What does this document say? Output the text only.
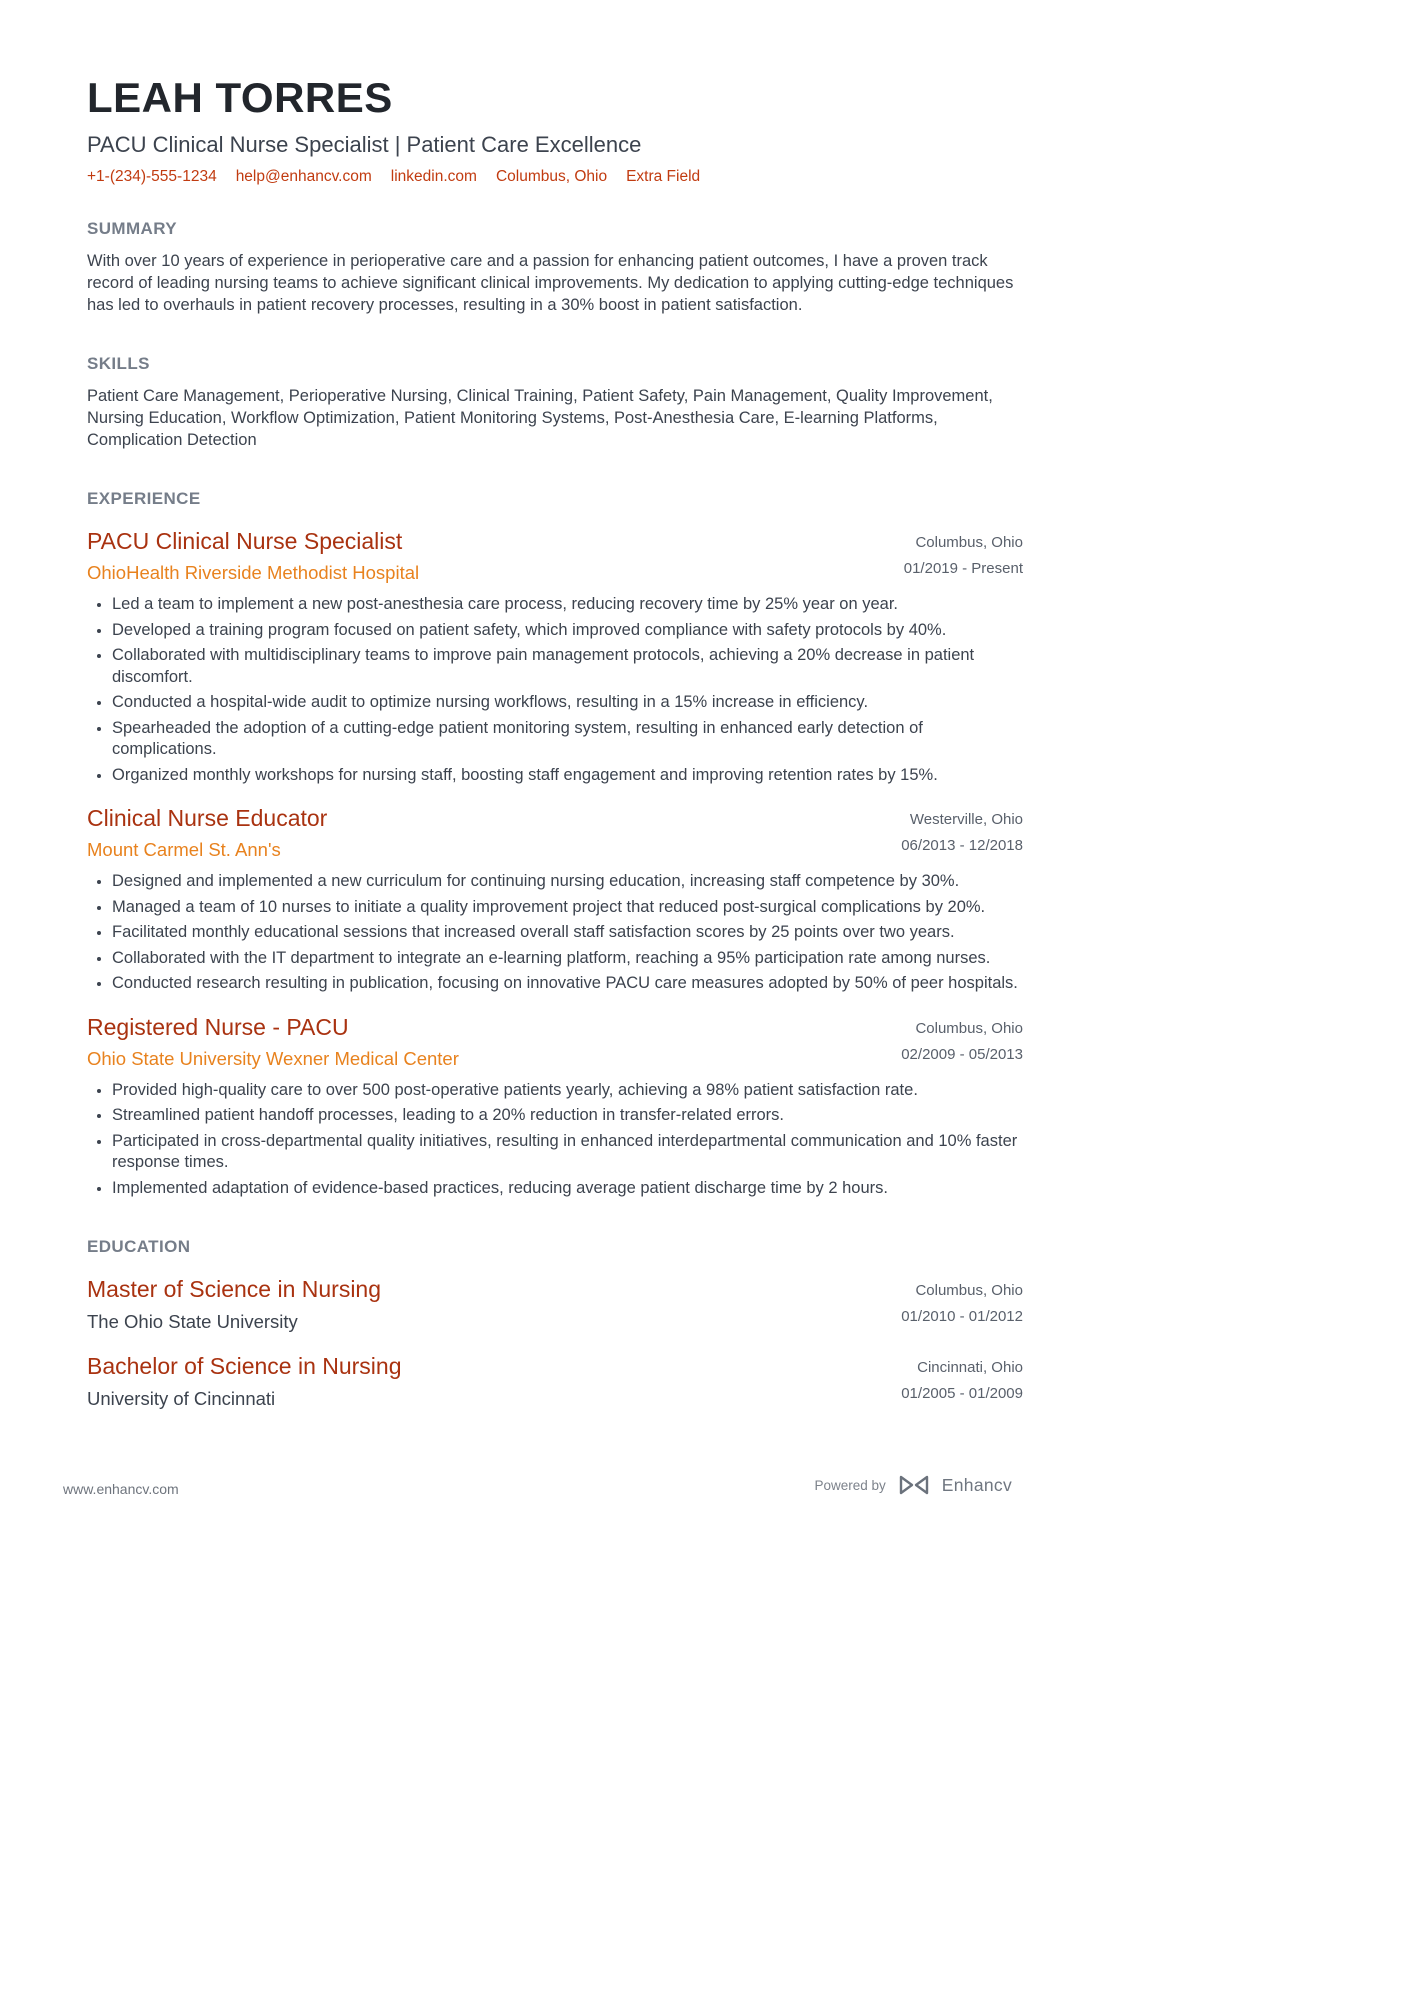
LEAH TORRES
PACU Clinical Nurse Specialist | Patient Care Excellence
+1-(234)-555-1234 help@enhancv.com linkedin.com Columbus, Ohio Extra Field
SUMMARY

With over 10 years of experience in perioperative care and a passion for enhancing patient outcomes, I have a proven track record of leading nursing teams to achieve significant clinical improvements. My dedication to applying cutting-edge techniques has led to overhauls in patient recovery processes, resulting in a 30% boost in patient satisfaction.

SKILLS

Patient Care Management, Perioperative Nursing, Clinical Training, Patient Safety, Pain Management, Quality Improvement, Nursing Education, Workflow Optimization, Patient Monitoring Systems, Post-Anesthesia Care, E-learning Platforms, Complication Detection

EXPERIENCE
PACU Clinical Nurse Specialist
OhioHealth Riverside Methodist Hospital
Columbus, Ohio
01/2019 - Present
• Led a team to implement a new post-anesthesia care process, reducing recovery time by 25% year on year.
• Developed a training program focused on patient safety, which improved compliance with safety protocols by 40%.
• Collaborated with multidisciplinary teams to improve pain management protocols, achieving a 20% decrease in patient discomfort.
• Conducted a hospital-wide audit to optimize nursing workflows, resulting in a 15% increase in efficiency.
• Spearheaded the adoption of a cutting-edge patient monitoring system, resulting in enhanced early detection of complications.
• Organized monthly workshops for nursing staff, boosting staff engagement and improving retention rates by 15%.
Clinical Nurse Educator
Mount Carmel St. Ann's
Westerville, Ohio
06/2013 - 12/2018
• Designed and implemented a new curriculum for continuing nursing education, increasing staff competence by 30%.
• Managed a team of 10 nurses to initiate a quality improvement project that reduced post-surgical complications by 20%.
• Facilitated monthly educational sessions that increased overall staff satisfaction scores by 25 points over two years.
• Collaborated with the IT department to integrate an e-learning platform, reaching a 95% participation rate among nurses.
• Conducted research resulting in publication, focusing on innovative PACU care measures adopted by 50% of peer hospitals.
Registered Nurse - PACU
Ohio State University Wexner Medical Center
Columbus, Ohio
02/2009 - 05/2013
• Provided high-quality care to over 500 post-operative patients yearly, achieving a 98% patient satisfaction rate.
• Streamlined patient handoff processes, leading to a 20% reduction in transfer-related errors.
• Participated in cross-departmental quality initiatives, resulting in enhanced interdepartmental communication and 10% faster response times.
• Implemented adaptation of evidence-based practices, reducing average patient discharge time by 2 hours.
EDUCATION
Master of Science in Nursing
The Ohio State University
Columbus, Ohio
01/2010 - 01/2012
Bachelor of Science in Nursing
University of Cincinnati
Cincinnati, Ohio
01/2005 - 01/2009
www.enhancv.com	Powered by	Enhancv
